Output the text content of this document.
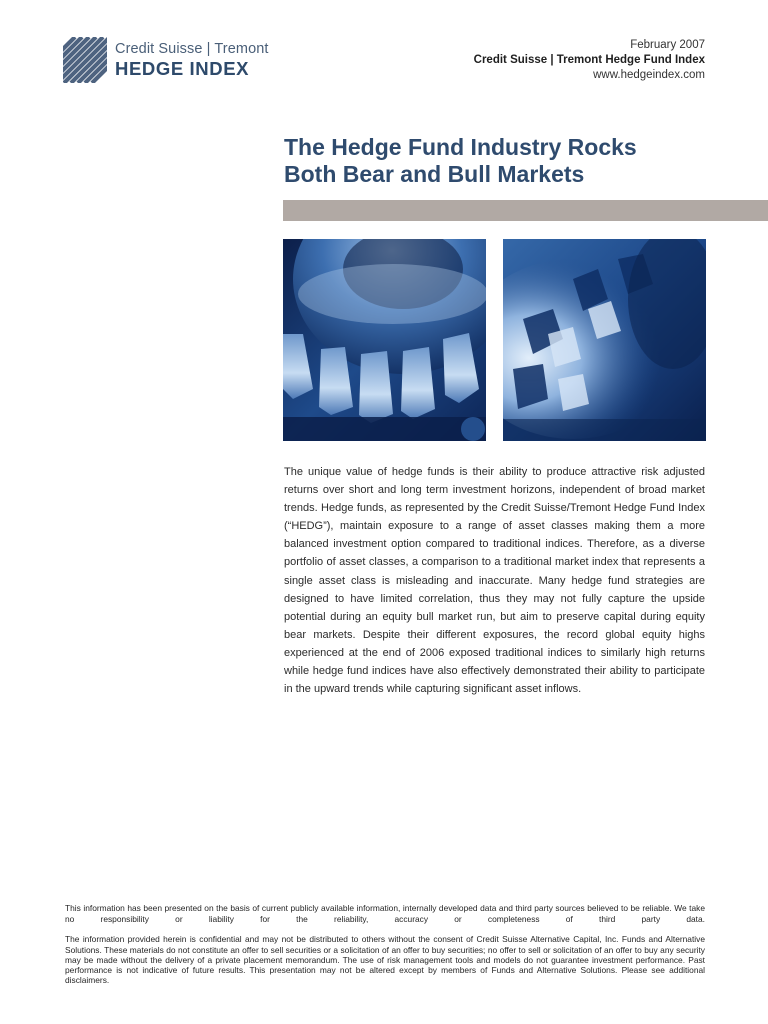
Credit Suisse | Tremont
HEDGE INDEX
February 2007
Credit Suisse | Tremont Hedge Fund Index
www.hedgeindex.com
The Hedge Fund Industry Rocks
Both Bear and Bull Markets

The unique value of hedge funds is their ability to produce attractive risk adjusted returns over short and long term investment horizons, independent of broad market trends. Hedge funds, as represented by the Credit Suisse/Tremont Hedge Fund Index (“HEDG”), maintain exposure to a range of asset classes making them a more balanced investment option compared to traditional indices. Therefore, as a diverse portfolio of asset classes, a comparison to a traditional market index that represents a single asset class is misleading and inaccurate. Many hedge fund strategies are designed to have limited correlation, thus they may not fully capture the upside potential during an equity bull market run, but aim to preserve capital during equity bear markets. Despite their different exposures, the record global equity highs experienced at the end of 2006 exposed traditional indices to similarly high returns while hedge fund indices have also effectively demonstrated their ability to participate in the upward trends while capturing significant asset inflows.

This information has been presented on the basis of current publicly available information, internally developed data and third party sources believed to be reliable. We take no responsibility or liability for the reliability, accuracy or completeness of third party data.

The information provided herein is confidential and may not be distributed to others without the consent of Credit Suisse Alternative Capital, Inc. Funds and Alternative Solutions. These materials do not constitute an offer to sell securities or a solicitation of an offer to buy securities; no offer to sell or solicitation of an offer to buy any security may be made without the delivery of a private placement memorandum. The use of risk management tools and models do not guarantee investment performance. Past performance is not indicative of future results. This presentation may not be altered except by members of Funds and Alternative Solutions. Please see additional disclaimers.
